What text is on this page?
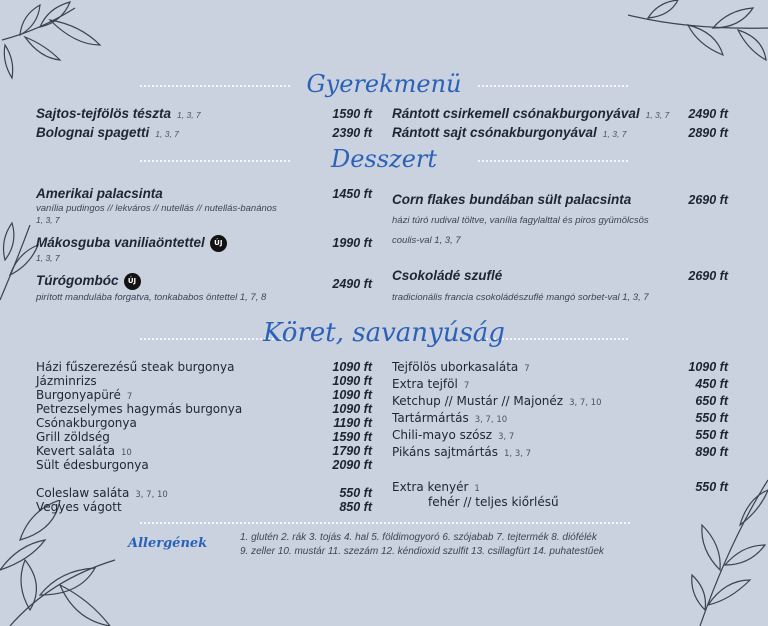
Gyerekmenü
Desszert
Köret, savanyúság
Sajtos-tejfölös tészta 1, 3, 7	1590 ft
Bolognai spagetti 1, 3, 7	2390 ft
Rántott csirkemell csónakburgonyával 1, 3, 7	2490 ft
Rántott sajt csónakburgonyával 1, 3, 7	2890 ft
Amerikai palacsinta	1450 ft
vanília pudingos // lekváros // nutellás // nutellás-banános
1, 3, 7
Mákosguba vaniliaöntettel ÚJ	1990 ft
1, 3, 7
Túrógombóc ÚJ	2490 ft
pirított mandulába forgatva, tonkababos öntettel 1, 7, 8
Corn flakes bundában sült palacsinta	2690 ft
házi túró rudival töltve, vanília fagylalttal és piros gyümölcsös
coulis-val 1, 3, 7
Csokoládé szuflé	2690 ft
tradicionális francia csokoládészuflé mangó sorbet-val 1, 3, 7
Házi fűszerezésű steak burgonya	1090 ft
Jázminrizs	1090 ft
Burgonyapüré 7	1090 ft
Petrezselymes hagymás burgonya	1090 ft
Csónakburgonya	1190 ft
Grill zöldség	1590 ft
Kevert saláta 10	1790 ft
Sült édesburgonya	2090 ft
Coleslaw saláta 3, 7, 10	550 ft
Vegyes vágott	850 ft
Tejfölös uborkasaláta 7	1090 ft
Extra tejföl 7	450 ft
Ketchup // Mustár // Majonéz 3, 7, 10	650 ft
Tartármártás 3, 7, 10	550 ft
Chili-mayo szósz 3, 7	550 ft
Pikáns sajtmártás 1, 3, 7	890 ft
Extra kenyér 1	550 ft
fehér // teljes kiőrlésű
Allergének	1. glutén 2. rák 3. tojás 4. hal 5. földimogyoró 6. szójabab 7. tejtermék 8. diófélék
9. zeller 10. mustár 11. szezám 12. kéndioxid szulfit 13. csillagfürt 14. puhatestűek
